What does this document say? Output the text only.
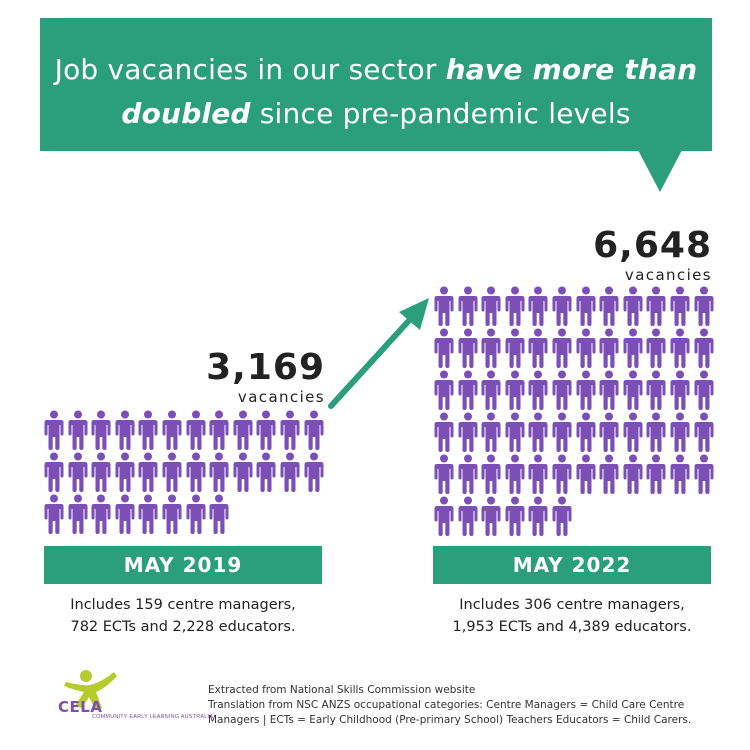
Job vacancies in our sector have more than doubled since pre-pandemic levels
3,169
vacancies
6,648
vacancies
MAY 2019	MAY 2022
Includes 159 centre managers,
782 ECTs and 2,228 educators.
Includes 306 centre managers,
1,953 ECTs and 4,389 educators.
CELA
COMMUNITY EARLY LEARNING AUSTRALIA

Extracted from National Skills Commission website

Translation from NSC ANZS occupational categories: Centre Managers = Child Care Centre

Managers | ECTs = Early Childhood (Pre-primary School) Teachers Educators = Child Carers.
